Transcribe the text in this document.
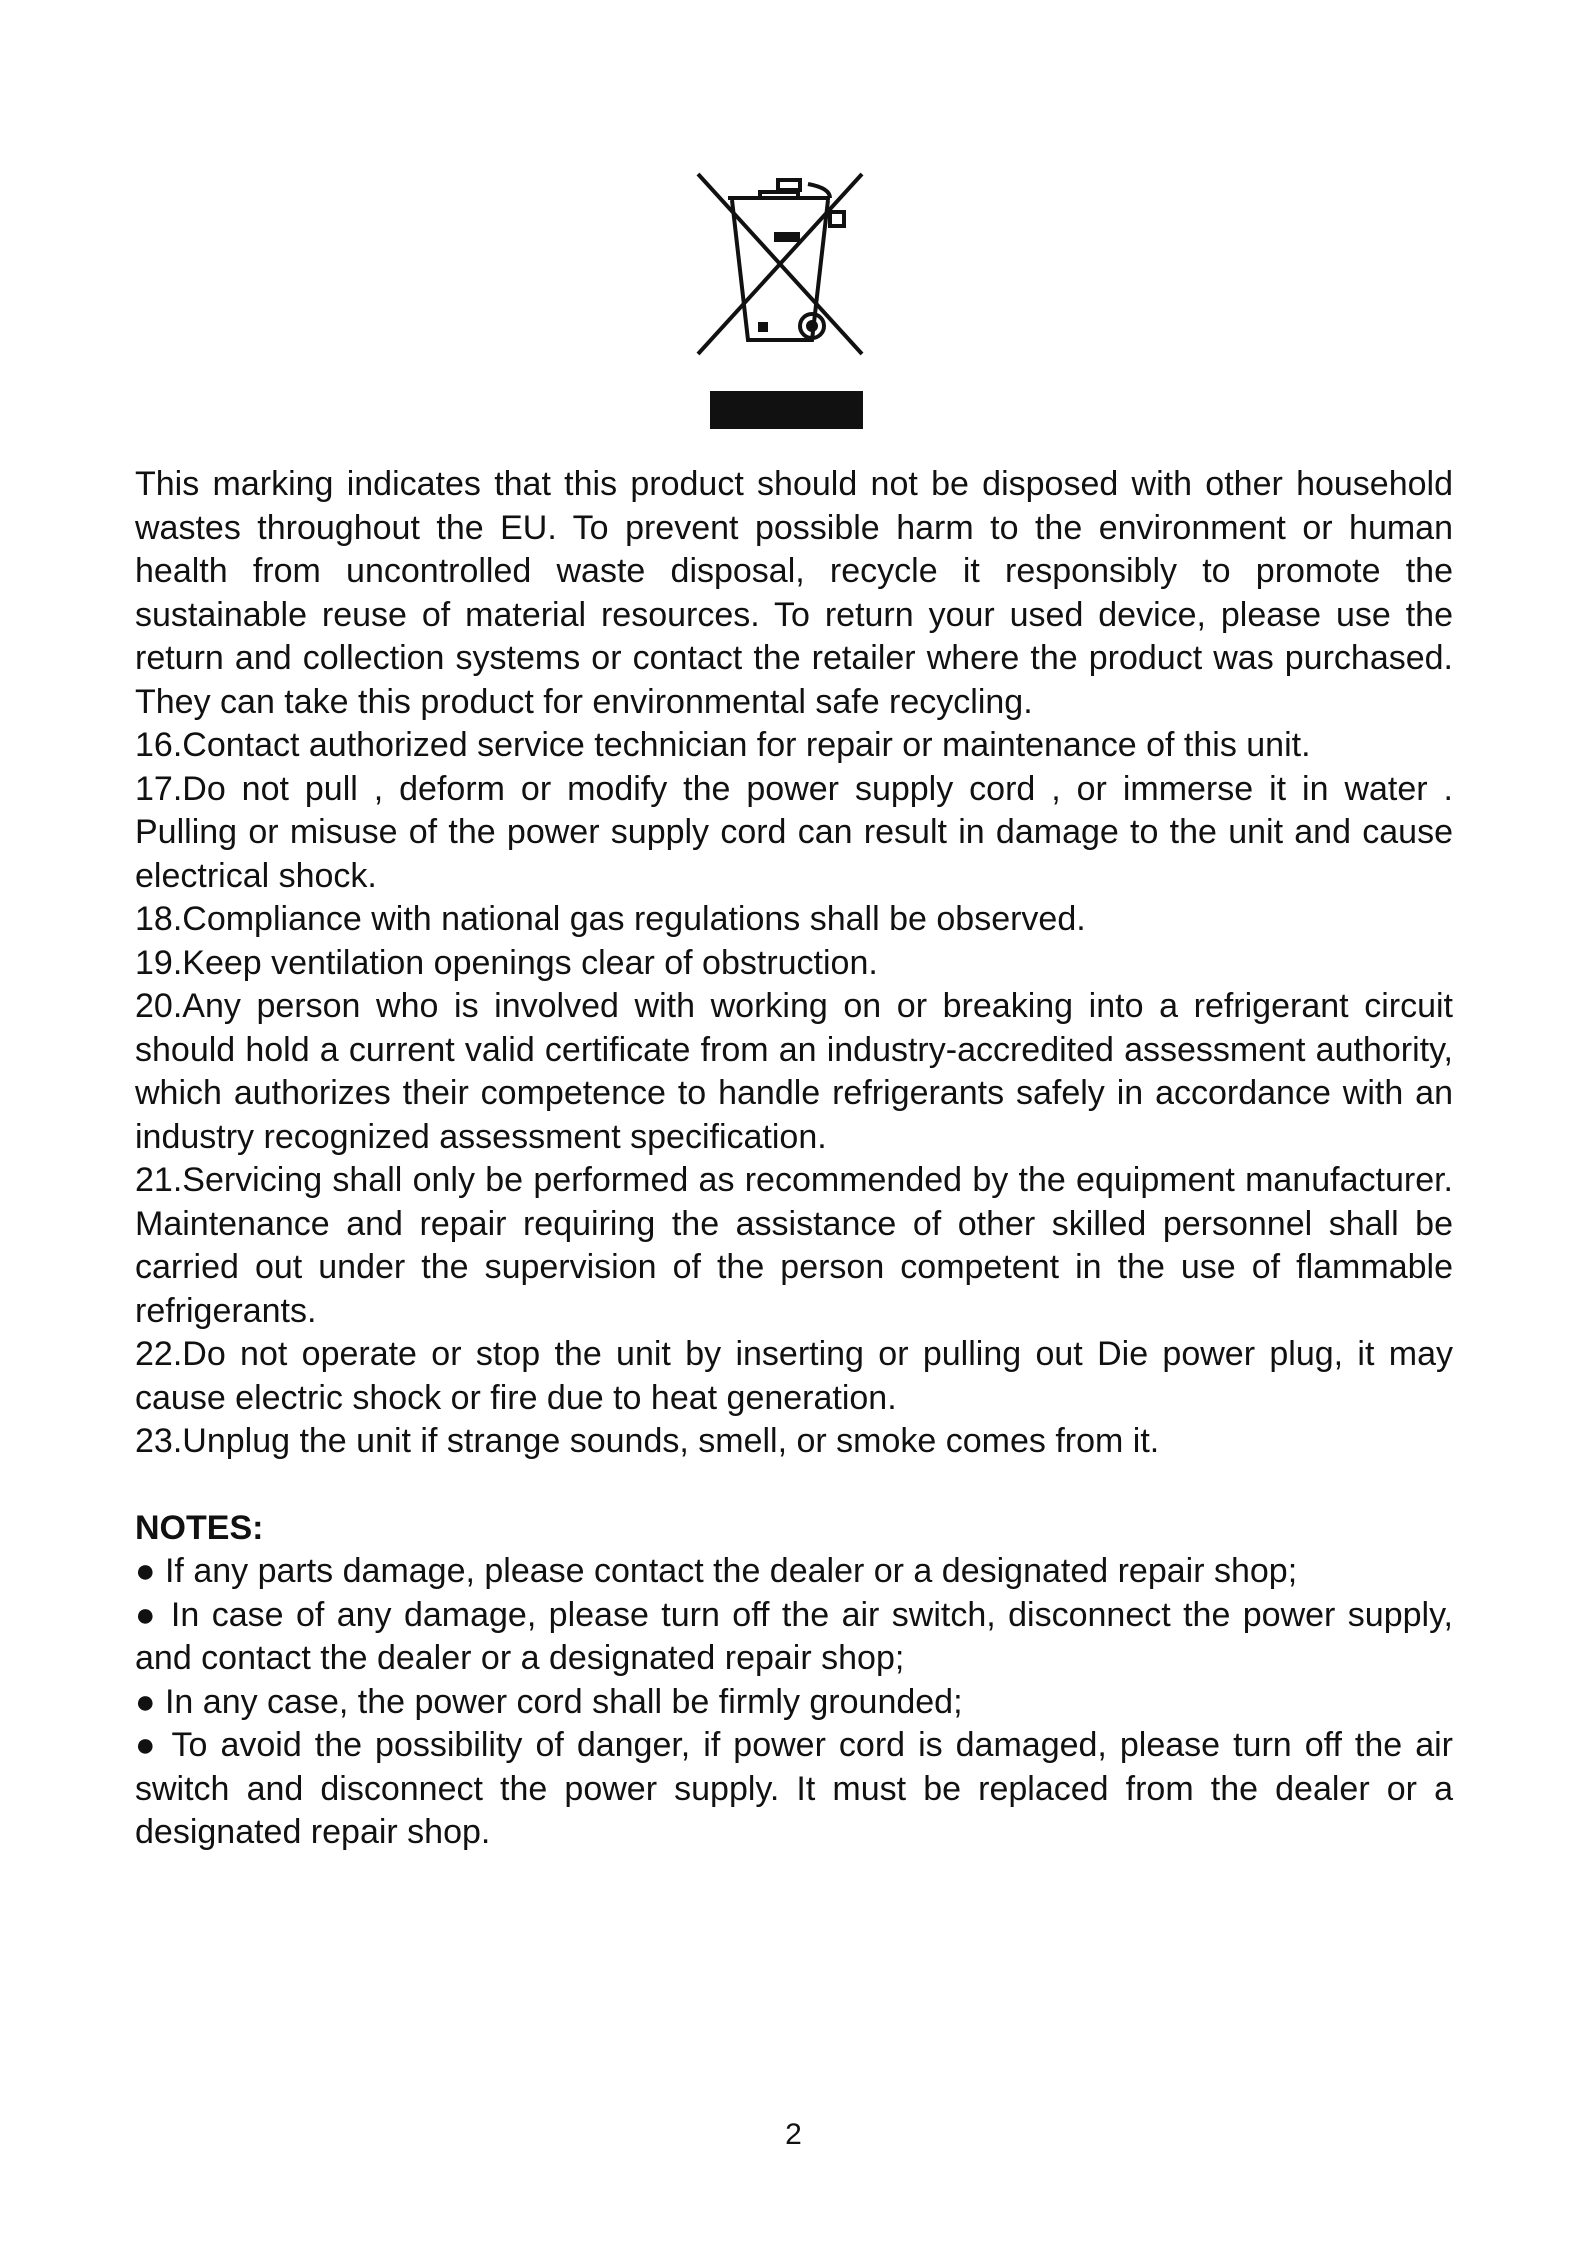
This marking indicates that this product should not be disposed with other household wastes throughout the EU. To prevent possible harm to the environment or human health from uncontrolled waste disposal, recycle it responsibly to promote the sustainable reuse of material resources. To return your used device, please use the return and collection systems or contact the retailer where the product was purchased. They can take this product for environmental safe recycling.

16.Contact authorized service technician for repair or maintenance of this unit.

17.Do not pull , deform or modify the power supply cord , or immerse it in water . Pulling or misuse of the power supply cord can result in damage to the unit and cause electrical shock.

18.Compliance with national gas regulations shall be observed.

19.Keep ventilation openings clear of obstruction.

20.Any person who is involved with working on or breaking into a refrigerant circuit should hold a current valid certificate from an industry-accredited assessment authority, which authorizes their competence to handle refrigerants safely in accordance with an industry recognized assessment specification.

21.Servicing shall only be performed as recommended by the equipment manufacturer. Maintenance and repair requiring the assistance of other skilled personnel shall be carried out under the supervision of the person competent in the use of flammable refrigerants.

22.Do not operate or stop the unit by inserting or pulling out Die power plug, it may cause electric shock or fire due to heat generation.

23.Unplug the unit if strange sounds, smell, or smoke comes from it.

NOTES:

● If any parts damage, please contact the dealer or a designated repair shop;

● In case of any damage, please turn off the air switch, disconnect the power supply, and contact the dealer or a designated repair shop;

● In any case, the power cord shall be firmly grounded;

● To avoid the possibility of danger, if power cord is damaged, please turn off the air switch and disconnect the power supply. It must be replaced from the dealer or a designated repair shop.

2
